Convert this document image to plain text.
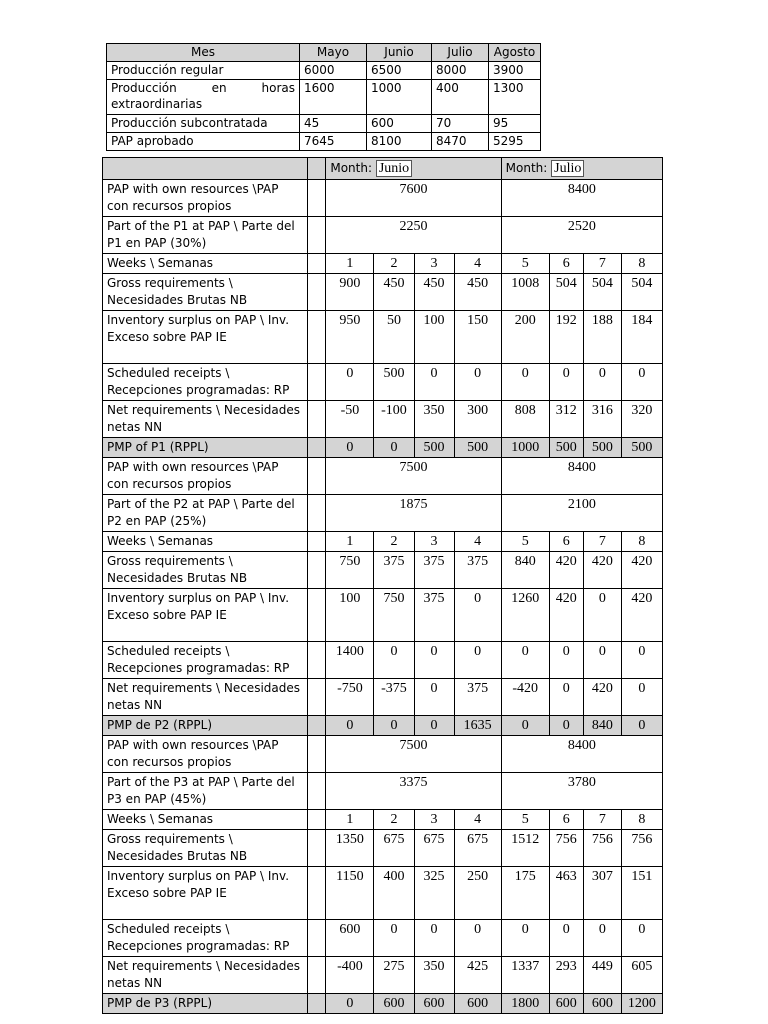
Mes	Mayo	Junio	Julio	Agosto
Producción regular	6000	6500	8000	3900
Producción en horas extraordinarias	1600	1000	400	1300
Producción subcontratada	45	600	70	95
PAP aprobado	7645	8100	8470	5295
		Month: Junio				Month: Julio			
PAP with own resources \PAP con recursos propios		7600				8400			
Part of the P1 at PAP \ Parte del P1 en PAP (30%)		2250				2520			
Weeks \ Semanas		1	2	3	4	5	6	7	8
Gross requirements \ Necesidades Brutas NB		900	450	450	450	1008	504	504	504
Inventory surplus on PAP \ Inv. Exceso sobre PAP IE		950	50	100	150	200	192	188	184
Scheduled receipts \ Recepciones programadas: RP		0	500	0	0	0	0	0	0
Net requirements \ Necesidades netas NN		-50	-100	350	300	808	312	316	320
PMP of P1 (RPPL)		0	0	500	500	1000	500	500	500
PAP with own resources \PAP con recursos propios		7500				8400			
Part of the P2 at PAP \ Parte del P2 en PAP (25%)		1875				2100			
Weeks \ Semanas		1	2	3	4	5	6	7	8
Gross requirements \ Necesidades Brutas NB		750	375	375	375	840	420	420	420
Inventory surplus on PAP \ Inv. Exceso sobre PAP IE		100	750	375	0	1260	420	0	420
Scheduled receipts \ Recepciones programadas: RP		1400	0	0	0	0	0	0	0
Net requirements \ Necesidades netas NN		-750	-375	0	375	-420	0	420	0
PMP de P2 (RPPL)		0	0	0	1635	0	0	840	0
PAP with own resources \PAP con recursos propios		7500				8400			
Part of the P3 at PAP \ Parte del P3 en PAP (45%)		3375				3780			
Weeks \ Semanas		1	2	3	4	5	6	7	8
Gross requirements \ Necesidades Brutas NB		1350	675	675	675	1512	756	756	756
Inventory surplus on PAP \ Inv. Exceso sobre PAP IE		1150	400	325	250	175	463	307	151
Scheduled receipts \ Recepciones programadas: RP		600	0	0	0	0	0	0	0
Net requirements \ Necesidades netas NN		-400	275	350	425	1337	293	449	605
PMP de P3 (RPPL)		0	600	600	600	1800	600	600	1200
